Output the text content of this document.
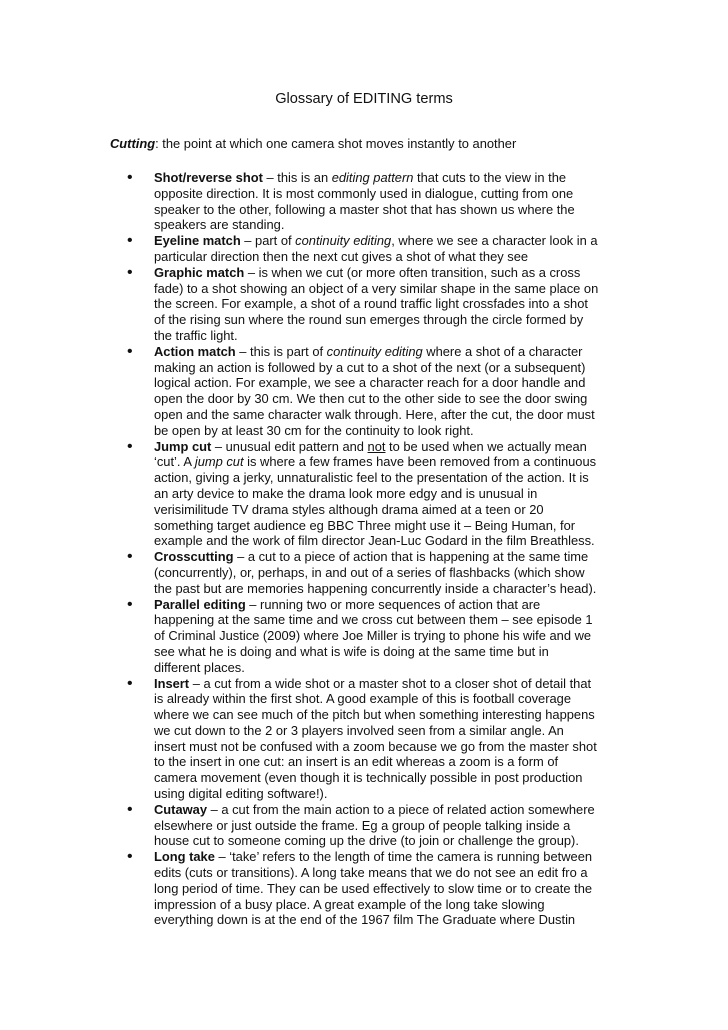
Glossary of EDITING terms

Cutting: the point at which one camera shot moves instantly to another

• Shot/reverse shot – this is an editing pattern that cuts to the view in the
opposite direction. It is most commonly used in dialogue, cutting from one
speaker to the other, following a master shot that has shown us where the
speakers are standing.
• Eyeline match – part of continuity editing, where we see a character look in a
particular direction then the next cut gives a shot of what they see
• Graphic match – is when we cut (or more often transition, such as a cross
fade) to a shot showing an object of a very similar shape in the same place on
the screen. For example, a shot of a round traffic light crossfades into a shot
of the rising sun where the round sun emerges through the circle formed by
the traffic light.
• Action match – this is part of continuity editing where a shot of a character
making an action is followed by a cut to a shot of the next (or a subsequent)
logical action. For example, we see a character reach for a door handle and
open the door by 30 cm. We then cut to the other side to see the door swing
open and the same character walk through. Here, after the cut, the door must
be open by at least 30 cm for the continuity to look right.
• Jump cut – unusual edit pattern and not to be used when we actually mean
‘cut’. A jump cut is where a few frames have been removed from a continuous
action, giving a jerky, unnaturalistic feel to the presentation of the action. It is
an arty device to make the drama look more edgy and is unusual in
verisimilitude TV drama styles although drama aimed at a teen or 20
something target audience eg BBC Three might use it – Being Human, for
example and the work of film director Jean-Luc Godard in the film Breathless.
• Crosscutting – a cut to a piece of action that is happening at the same time
(concurrently), or, perhaps, in and out of a series of flashbacks (which show
the past but are memories happening concurrently inside a character’s head).
• Parallel editing – running two or more sequences of action that are
happening at the same time and we cross cut between them – see episode 1
of Criminal Justice (2009) where Joe Miller is trying to phone his wife and we
see what he is doing and what is wife is doing at the same time but in
different places.
• Insert – a cut from a wide shot or a master shot to a closer shot of detail that
is already within the first shot. A good example of this is football coverage
where we can see much of the pitch but when something interesting happens
we cut down to the 2 or 3 players involved seen from a similar angle. An
insert must not be confused with a zoom because we go from the master shot
to the insert in one cut: an insert is an edit whereas a zoom is a form of
camera movement (even though it is technically possible in post production
using digital editing software!).
• Cutaway – a cut from the main action to a piece of related action somewhere
elsewhere or just outside the frame. Eg a group of people talking inside a
house cut to someone coming up the drive (to join or challenge the group).
• Long take – ‘take’ refers to the length of time the camera is running between
edits (cuts or transitions). A long take means that we do not see an edit fro a
long period of time. They can be used effectively to slow time or to create the
impression of a busy place. A great example of the long take slowing
everything down is at the end of the 1967 film The Graduate where Dustin
